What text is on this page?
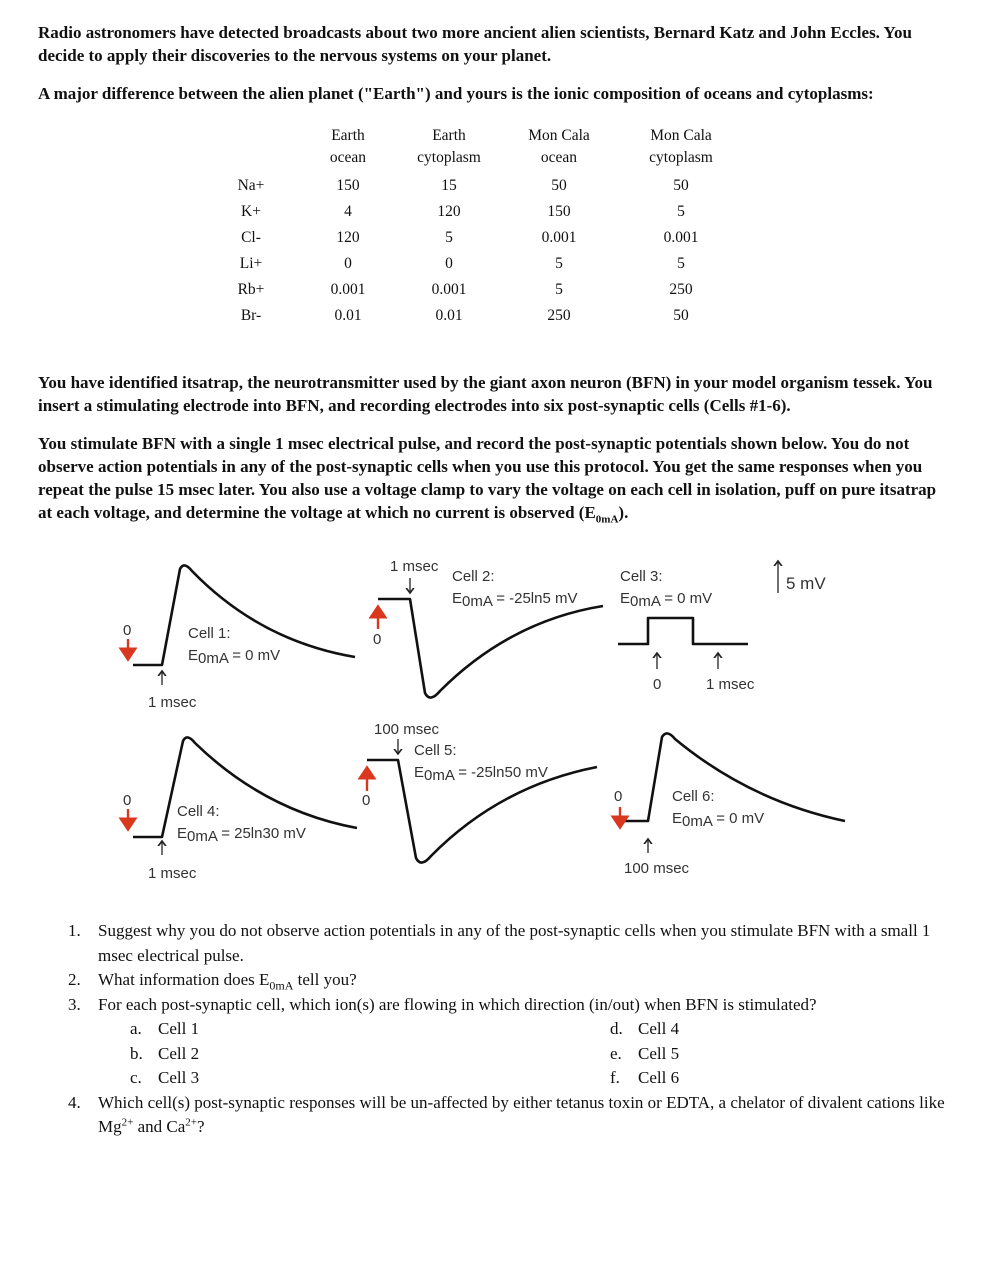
Radio astronomers have detected broadcasts about two more ancient alien scientists, Bernard Katz and John Eccles. You decide to apply their discoveries to the nervous systems on your planet.
A major difference between the alien planet ("Earth") and yours is the ionic composition of oceans and cytoplasms:
Earth
ocean
Earth
cytoplasm
Mon Cala
ocean
Mon Cala
cytoplasm
Na+	150	15	50	50
K+	4	120	150	5
Cl-	120	5	0.001	0.001
Li+	0	0	5	5
Rb+	0.001	0.001	5	250
Br-	0.01	0.01	250	50
You have identified itsatrap, the neurotransmitter used by the giant axon neuron (BFN) in your model organism tessek. You insert a stimulating electrode into BFN, and recording electrodes into six post-synaptic cells (Cells #1-6).
You stimulate BFN with a single 1 msec electrical pulse, and record the post-synaptic potentials shown below. You do not observe action potentials in any of the post-synaptic cells when you use this protocol. You get the same responses when you repeat the pulse 15 msec later. You also use a voltage clamp to vary the voltage on each cell in isolation, puff on pure itsatrap at each voltage, and determine the voltage at which no current is observed $(E_{0mA})$.
0
0
0
0	0	0
5 mV
1 msec
1 msec
1 msec
1 msec
100 msec
100 msec
Cell 1:
E0mA = 0 mV
Cell 2:
E0mA = -25ln5 mV
Cell 3:
E0mA = 0 mV
Cell 4:
E0mA = 25ln30 mV
Cell 5:
E0mA = -25ln50 mV
Cell 6:
E0mA = 0 mV
1. Suggest why you do not observe action potentials in any of the post-synaptic cells when you stimulate BFN with a small 1 msec electrical pulse.
2. What information does $E_{0mA}$ tell you?
3. For each post-synaptic cell, which ion(s) are flowing in which direction (in/out) when BFN is stimulated?
a. Cell 1
b. Cell 2
c. Cell 3
d. Cell 4
e. Cell 5
f. Cell 6
4. Which cell(s) post-synaptic responses will be un-affected by either tetanus toxin or EDTA, a chelator of divalent cations like $Mg^{2+}$ and $Ca^{2+}$?
